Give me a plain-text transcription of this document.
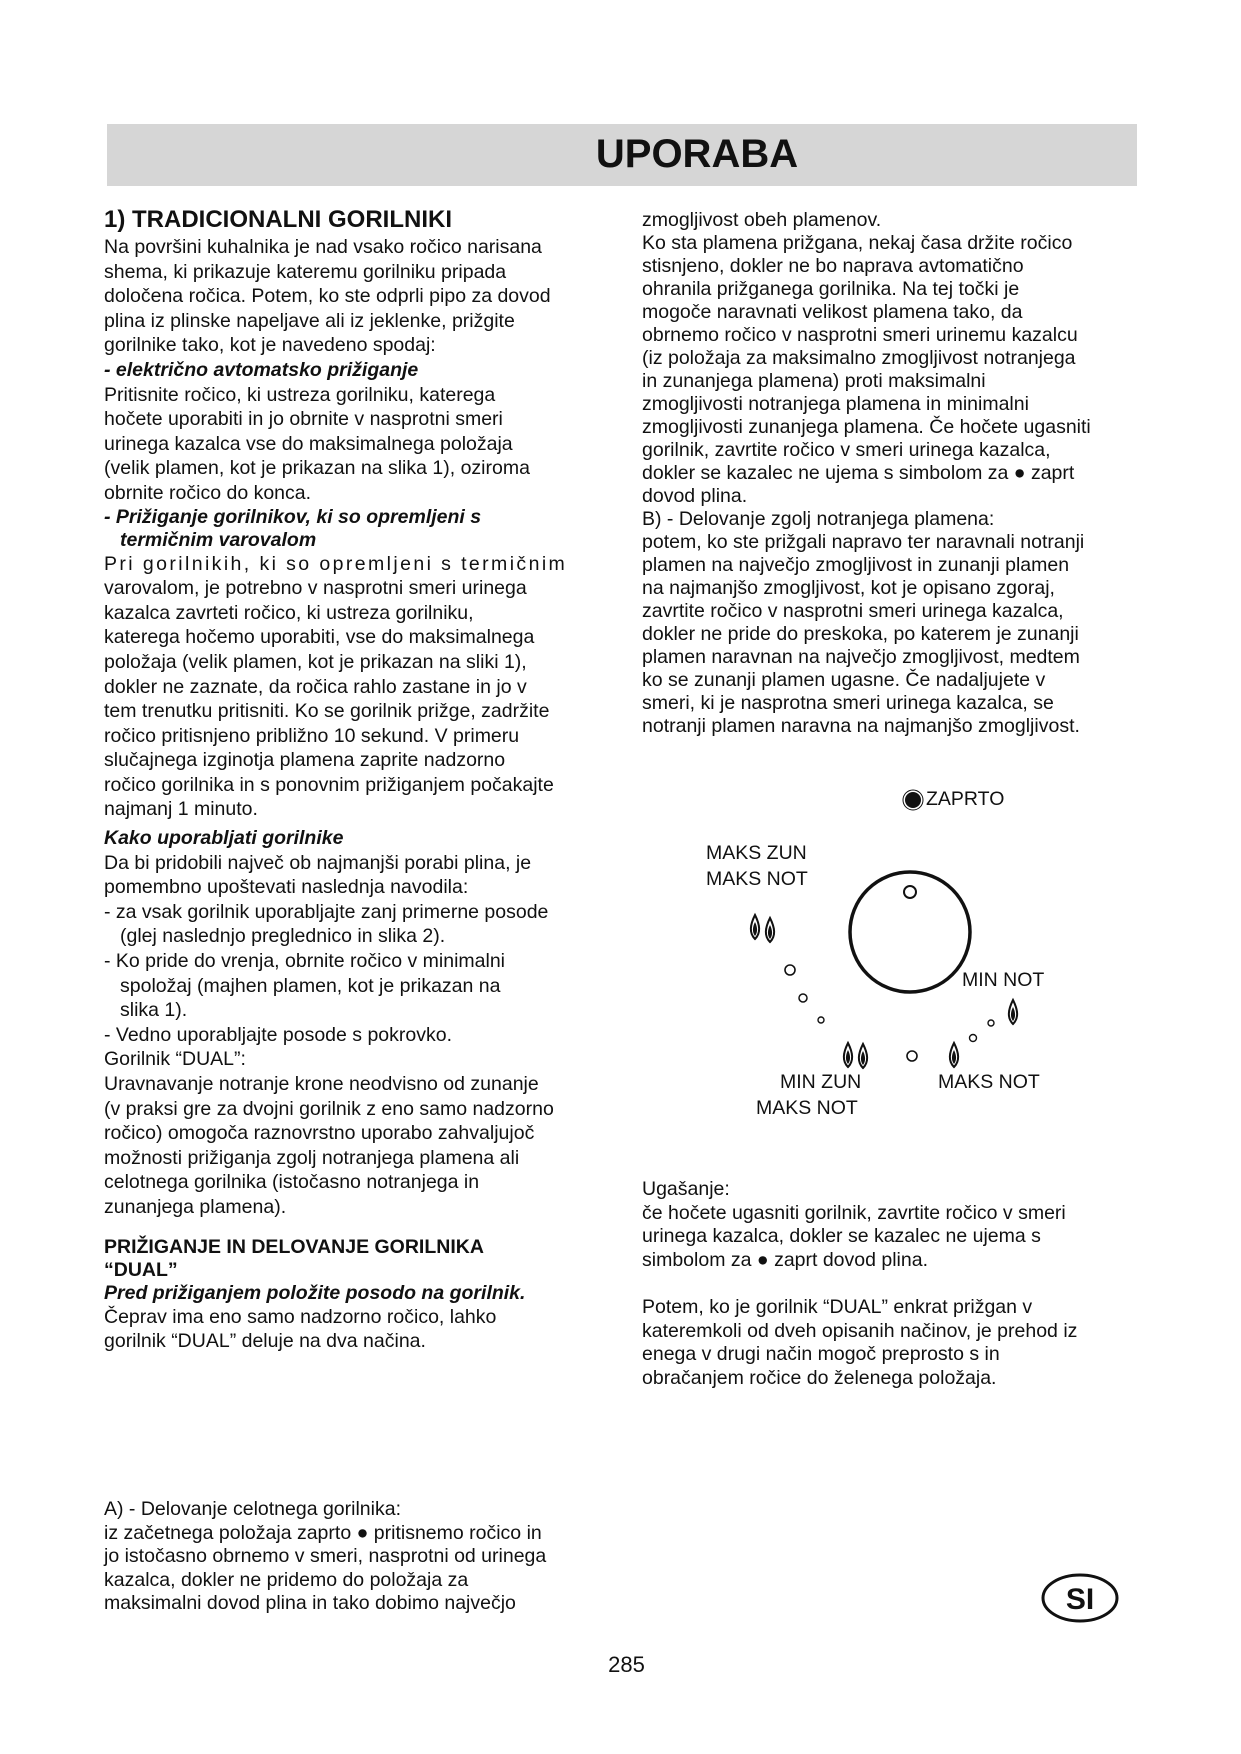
UPORABA

1) TRADICIONALNI GORILNIKI

Na površini kuhalnika je nad vsako ročico narisana

shema, ki prikazuje kateremu gorilniku pripada

določena ročica. Potem, ko ste odprli pipo za dovod

plina iz plinske napeljave ali iz jeklenke, prižgite

gorilnike tako, kot je navedeno spodaj:

- električno avtomatsko prižiganje

Pritisnite ročico, ki ustreza gorilniku, katerega

hočete uporabiti in jo obrnite v nasprotni smeri

urinega kazalca vse do maksimalnega položaja

(velik plamen, kot je prikazan na slika 1), oziroma

obrnite ročico do konca.

- Prižiganje gorilnikov, ki so opremljeni s

termičnim varovalom

Pri gorilnikih, ki so opremljeni s termičnim

varovalom, je potrebno v nasprotni smeri urinega

kazalca zavrteti ročico, ki ustreza gorilniku,

katerega hočemo uporabiti, vse do maksimalnega

položaja (velik plamen, kot je prikazan na sliki 1),

dokler ne zaznate, da ročica rahlo zastane in jo v

tem trenutku pritisniti. Ko se gorilnik prižge, zadržite

ročico pritisnjeno približno 10 sekund. V primeru

slučajnega izginotja plamena zaprite nadzorno

ročico gorilnika in s ponovnim prižiganjem počakajte

najmanj 1 minuto.

Kako uporabljati gorilnike

Da bi pridobili največ ob najmanjši porabi plina, je

pomembno upoštevati naslednja navodila:

- za vsak gorilnik uporabljajte zanj primerne posode

(glej naslednjo preglednico in slika 2).

- Ko pride do vrenja, obrnite ročico v minimalni

spoložaj (majhen plamen, kot je prikazan na

slika 1).

- Vedno uporabljajte posode s pokrovko.

Gorilnik “DUAL”:

Uravnavanje notranje krone neodvisno od zunanje

(v praksi gre za dvojni gorilnik z eno samo nadzorno

ročico) omogoča raznovrstno uporabo zahvaljujoč

možnosti prižiganja zgolj notranjega plamena ali

celotnega gorilnika (istočasno notranjega in

zunanjega plamena).

PRIŽIGANJE IN DELOVANJE GORILNIKA

“DUAL”

Pred prižiganjem položite posodo na gorilnik.

Čeprav ima eno samo nadzorno ročico, lahko

gorilnik “DUAL” deluje na dva načina.

A) - Delovanje celotnega gorilnika:

iz začetnega položaja zaprto ● pritisnemo ročico in

jo istočasno obrnemo v smeri, nasprotni od urinega

kazalca, dokler ne pridemo do položaja za

maksimalni dovod plina in tako dobimo največjo

zmogljivost obeh plamenov.

Ko sta plamena prižgana, nekaj časa držite ročico

stisnjeno, dokler ne bo naprava avtomatično

ohranila prižganega gorilnika. Na tej točki je

mogoče naravnati velikost plamena tako, da

obrnemo ročico v nasprotni smeri urinemu kazalcu

(iz položaja za maksimalno zmogljivost notranjega

in zunanjega plamena) proti maksimalni

zmogljivosti notranjega plamena in minimalni

zmogljivosti zunanjega plamena. Če hočete ugasniti

gorilnik, zavrtite ročico v smeri urinega kazalca,

dokler se kazalec ne ujema s simbolom za ● zaprt

dovod plina.

B) - Delovanje zgolj notranjega plamena:

potem, ko ste prižgali napravo ter naravnali notranji

plamen na največjo zmogljivost in zunanji plamen

na najmanjšo zmogljivost, kot je opisano zgoraj,

zavrtite ročico v nasprotni smeri urinega kazalca,

dokler ne pride do preskoka, po katerem je zunanji

plamen naravnan na največjo zmogljivost, medtem

ko se zunanji plamen ugasne. Če nadaljujete v

smeri, ki je nasprotna smeri urinega kazalca, se

notranji plamen naravna na najmanjšo zmogljivost.

ZAPRTO
MAKS ZUN
MAKS NOT
MIN NOT
MIN ZUN
MAKS NOT
MAKS NOT

Ugašanje:

če hočete ugasniti gorilnik, zavrtite ročico v smeri

urinega kazalca, dokler se kazalec ne ujema s

simbolom za ● zaprt dovod plina.

Potem, ko je gorilnik “DUAL” enkrat prižgan v

kateremkoli od dveh opisanih načinov, je prehod iz

enega v drugi način mogoč preprosto s in

obračanjem ročice do želenega položaja.

285
SI
